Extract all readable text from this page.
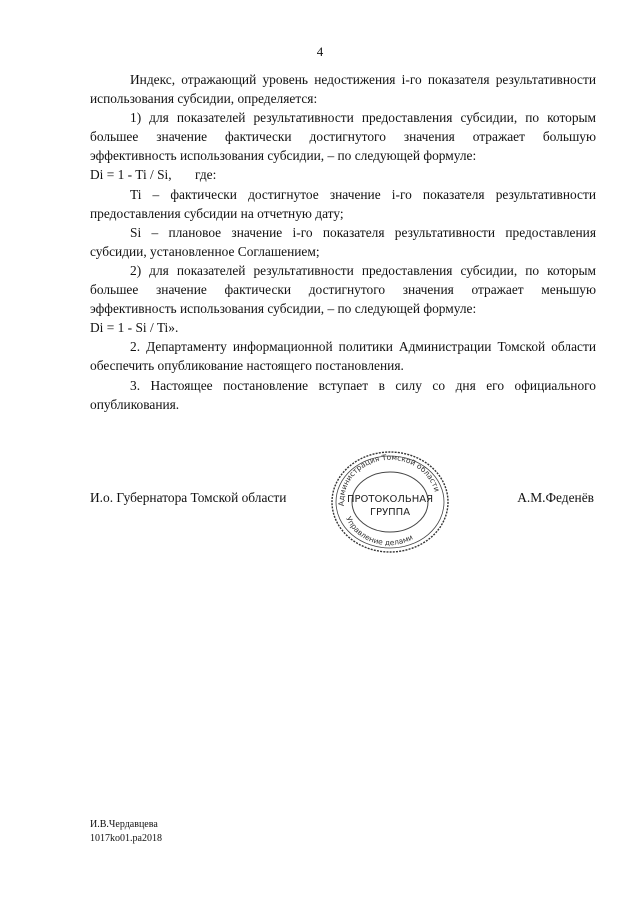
4

Индекс, отражающий уровень недостижения i-го показателя результативности использования субсидии, определяется:

1) для показателей результативности предоставления субсидии, по которым большее значение фактически достигнутого значения отражает большую эффективность использования субсидии, – по следующей формуле:

Di = 1 - Ti / Si,       где:

Ti – фактически достигнутое значение i-го показателя результативности предоставления субсидии на отчетную дату;

Si – плановое значение i-го показателя результативности предоставления субсидии, установленное Соглашением;

2) для показателей результативности предоставления субсидии, по которым большее значение фактически достигнутого значения отражает меньшую эффективность использования субсидии, – по следующей формуле:

Di = 1 - Si / Ti».

2. Департаменту информационной политики Администрации Томской области обеспечить опубликование настоящего постановления.

3. Настоящее постановление вступает в силу со дня его официального опубликования.

И.о. Губернатора Томской области	А.М.Феденёв
Администрация Томской области
Управление делами
ПРОТОКОЛЬНАЯ
ГРУППА
И.В.Чердавцева
1017ko01.pa2018
